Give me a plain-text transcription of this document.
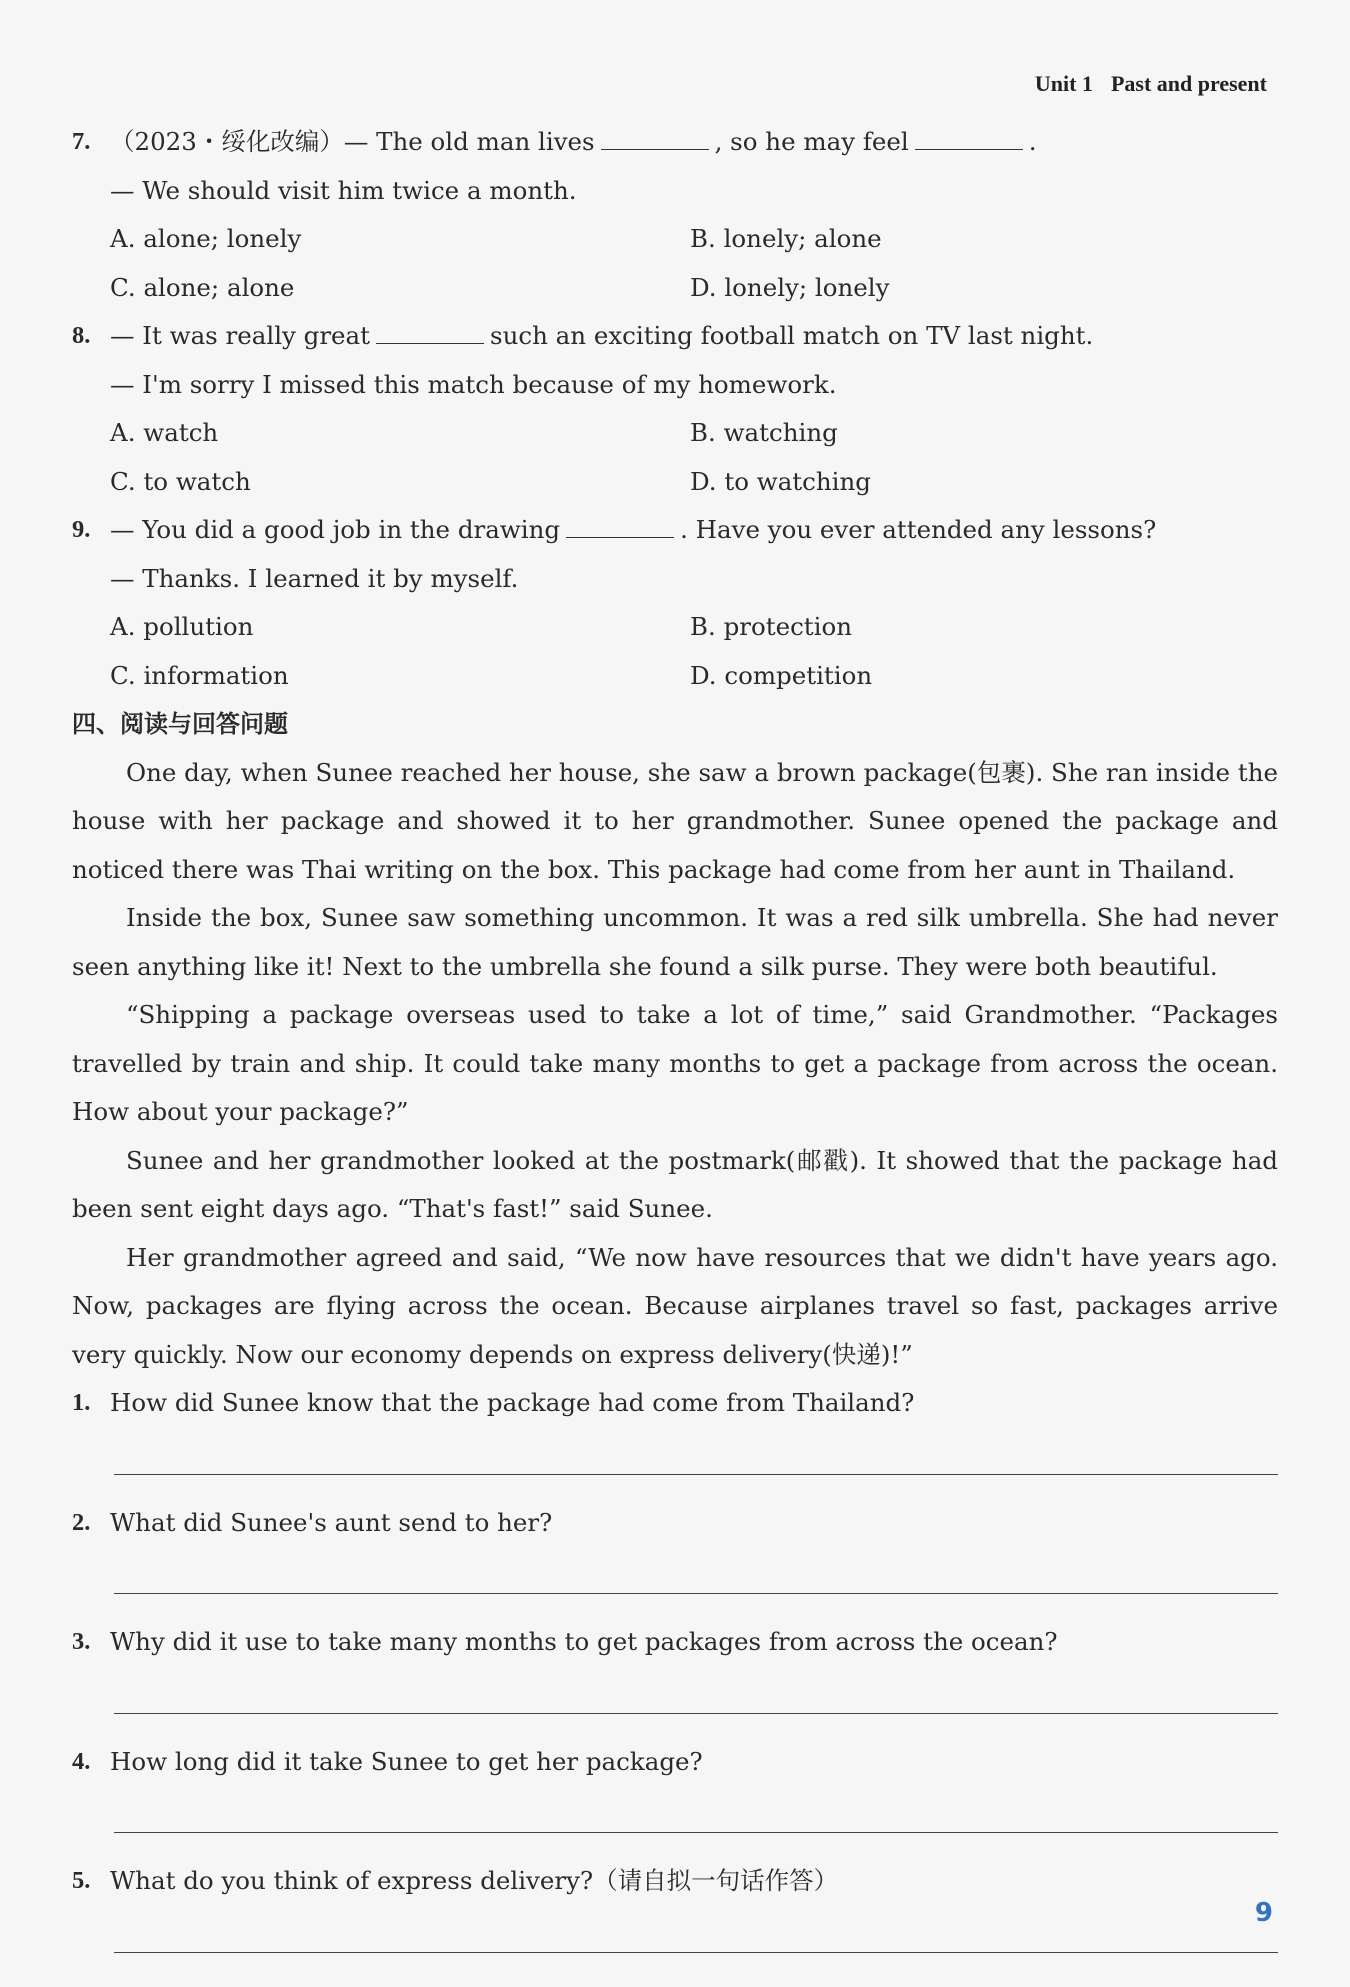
Unit 1 Past and present
7. （2023・绥化改编）— The old man lives	, so he may feel	.
— We should visit him twice a month.
A. alone; lonely	B. lonely; alone
C. alone; alone	D. lonely; lonely
8. — It was really great	such an exciting football match on TV last night.
— I'm sorry I missed this match because of my homework.
A. watch	B. watching
C. to watch	D. to watching
9. — You did a good job in the drawing	. Have you ever attended any lessons?
— Thanks. I learned it by myself.
A. pollution	B. protection
C. information	D. competition
四、阅读与回答问题
One day, when Sunee reached her house, she saw a brown package(包裹). She ran inside the house with her package and showed it to her grandmother. Sunee opened the package and noticed there was Thai writing on the box. This package had come from her aunt in Thailand.
Inside the box, Sunee saw something uncommon. It was a red silk umbrella. She had never seen anything like it! Next to the umbrella she found a silk purse. They were both beautiful.
“Shipping a package overseas used to take a lot of time,” said Grandmother. “Packages travelled by train and ship. It could take many months to get a package from across the ocean. How about your package?”
Sunee and her grandmother looked at the postmark(邮戳). It showed that the package had been sent eight days ago. “That's fast!” said Sunee.
Her grandmother agreed and said, “We now have resources that we didn't have years ago. Now, packages are flying across the ocean. Because airplanes travel so fast, packages arrive very quickly. Now our economy depends on express delivery(快递)!”
1. How did Sunee know that the package had come from Thailand?
2. What did Sunee's aunt send to her?
3. Why did it use to take many months to get packages from across the ocean?
4. How long did it take Sunee to get her package?
5. What do you think of express delivery?（请自拟一句话作答）
9
